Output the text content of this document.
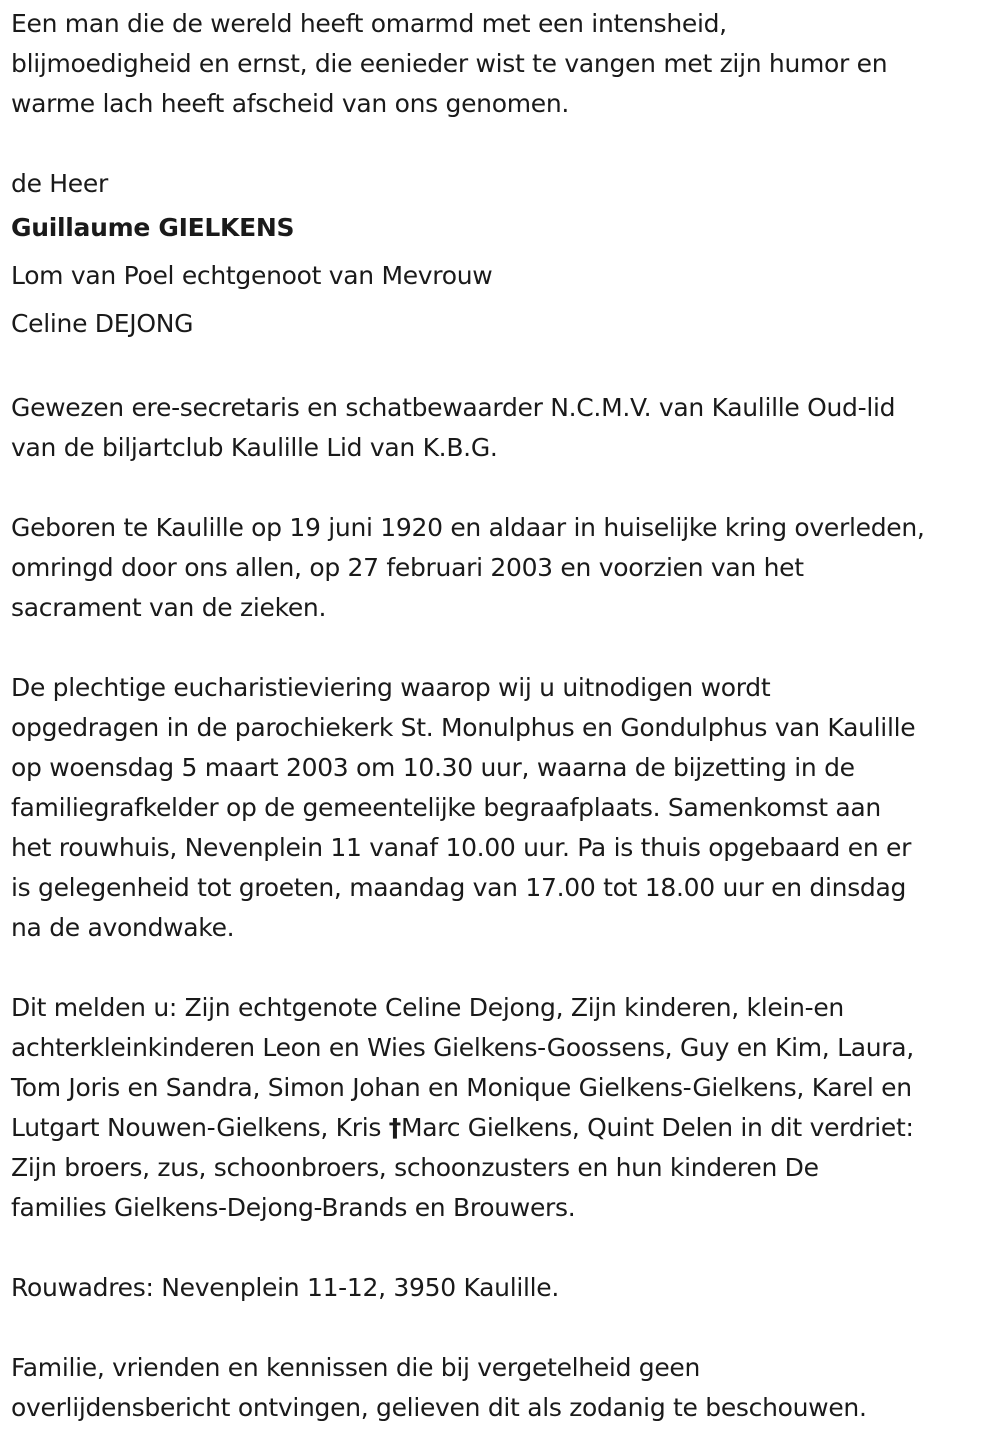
Een man die de wereld heeft omarmd met een intensheid,
blijmoedigheid en ernst, die eenieder wist te vangen met zijn humor en
warme lach heeft afscheid van ons genomen.

de Heer

Guillaume GIELKENS

Lom van Poel echtgenoot van Mevrouw

Celine DEJONG

Gewezen ere-secretaris en schatbewaarder N.C.M.V. van Kaulille Oud-lid
van de biljartclub Kaulille Lid van K.B.G.

Geboren te Kaulille op 19 juni 1920 en aldaar in huiselijke kring overleden,
omringd door ons allen, op 27 februari 2003 en voorzien van het
sacrament van de zieken.

De plechtige eucharistieviering waarop wij u uitnodigen wordt
opgedragen in de parochiekerk St. Monulphus en Gondulphus van Kaulille
op woensdag 5 maart 2003 om 10.30 uur, waarna de bijzetting in de
familiegrafkelder op de gemeentelijke begraafplaats. Samenkomst aan
het rouwhuis, Nevenplein 11 vanaf 10.00 uur. Pa is thuis opgebaard en er
is gelegenheid tot groeten, maandag van 17.00 tot 18.00 uur en dinsdag
na de avondwake.

Dit melden u: Zijn echtgenote Celine Dejong, Zijn kinderen, klein-en
achterkleinkinderen Leon en Wies Gielkens-Goossens, Guy en Kim, Laura,
Tom Joris en Sandra, Simon Johan en Monique Gielkens-Gielkens, Karel en
Lutgart Nouwen-Gielkens, Kris †Marc Gielkens, Quint Delen in dit verdriet:
Zijn broers, zus, schoonbroers, schoonzusters en hun kinderen De
families Gielkens-Dejong-Brands en Brouwers.

Rouwadres: Nevenplein 11-12, 3950 Kaulille.

Familie, vrienden en kennissen die bij vergetelheid geen
overlijdensbericht ontvingen, gelieven dit als zodanig te beschouwen.
